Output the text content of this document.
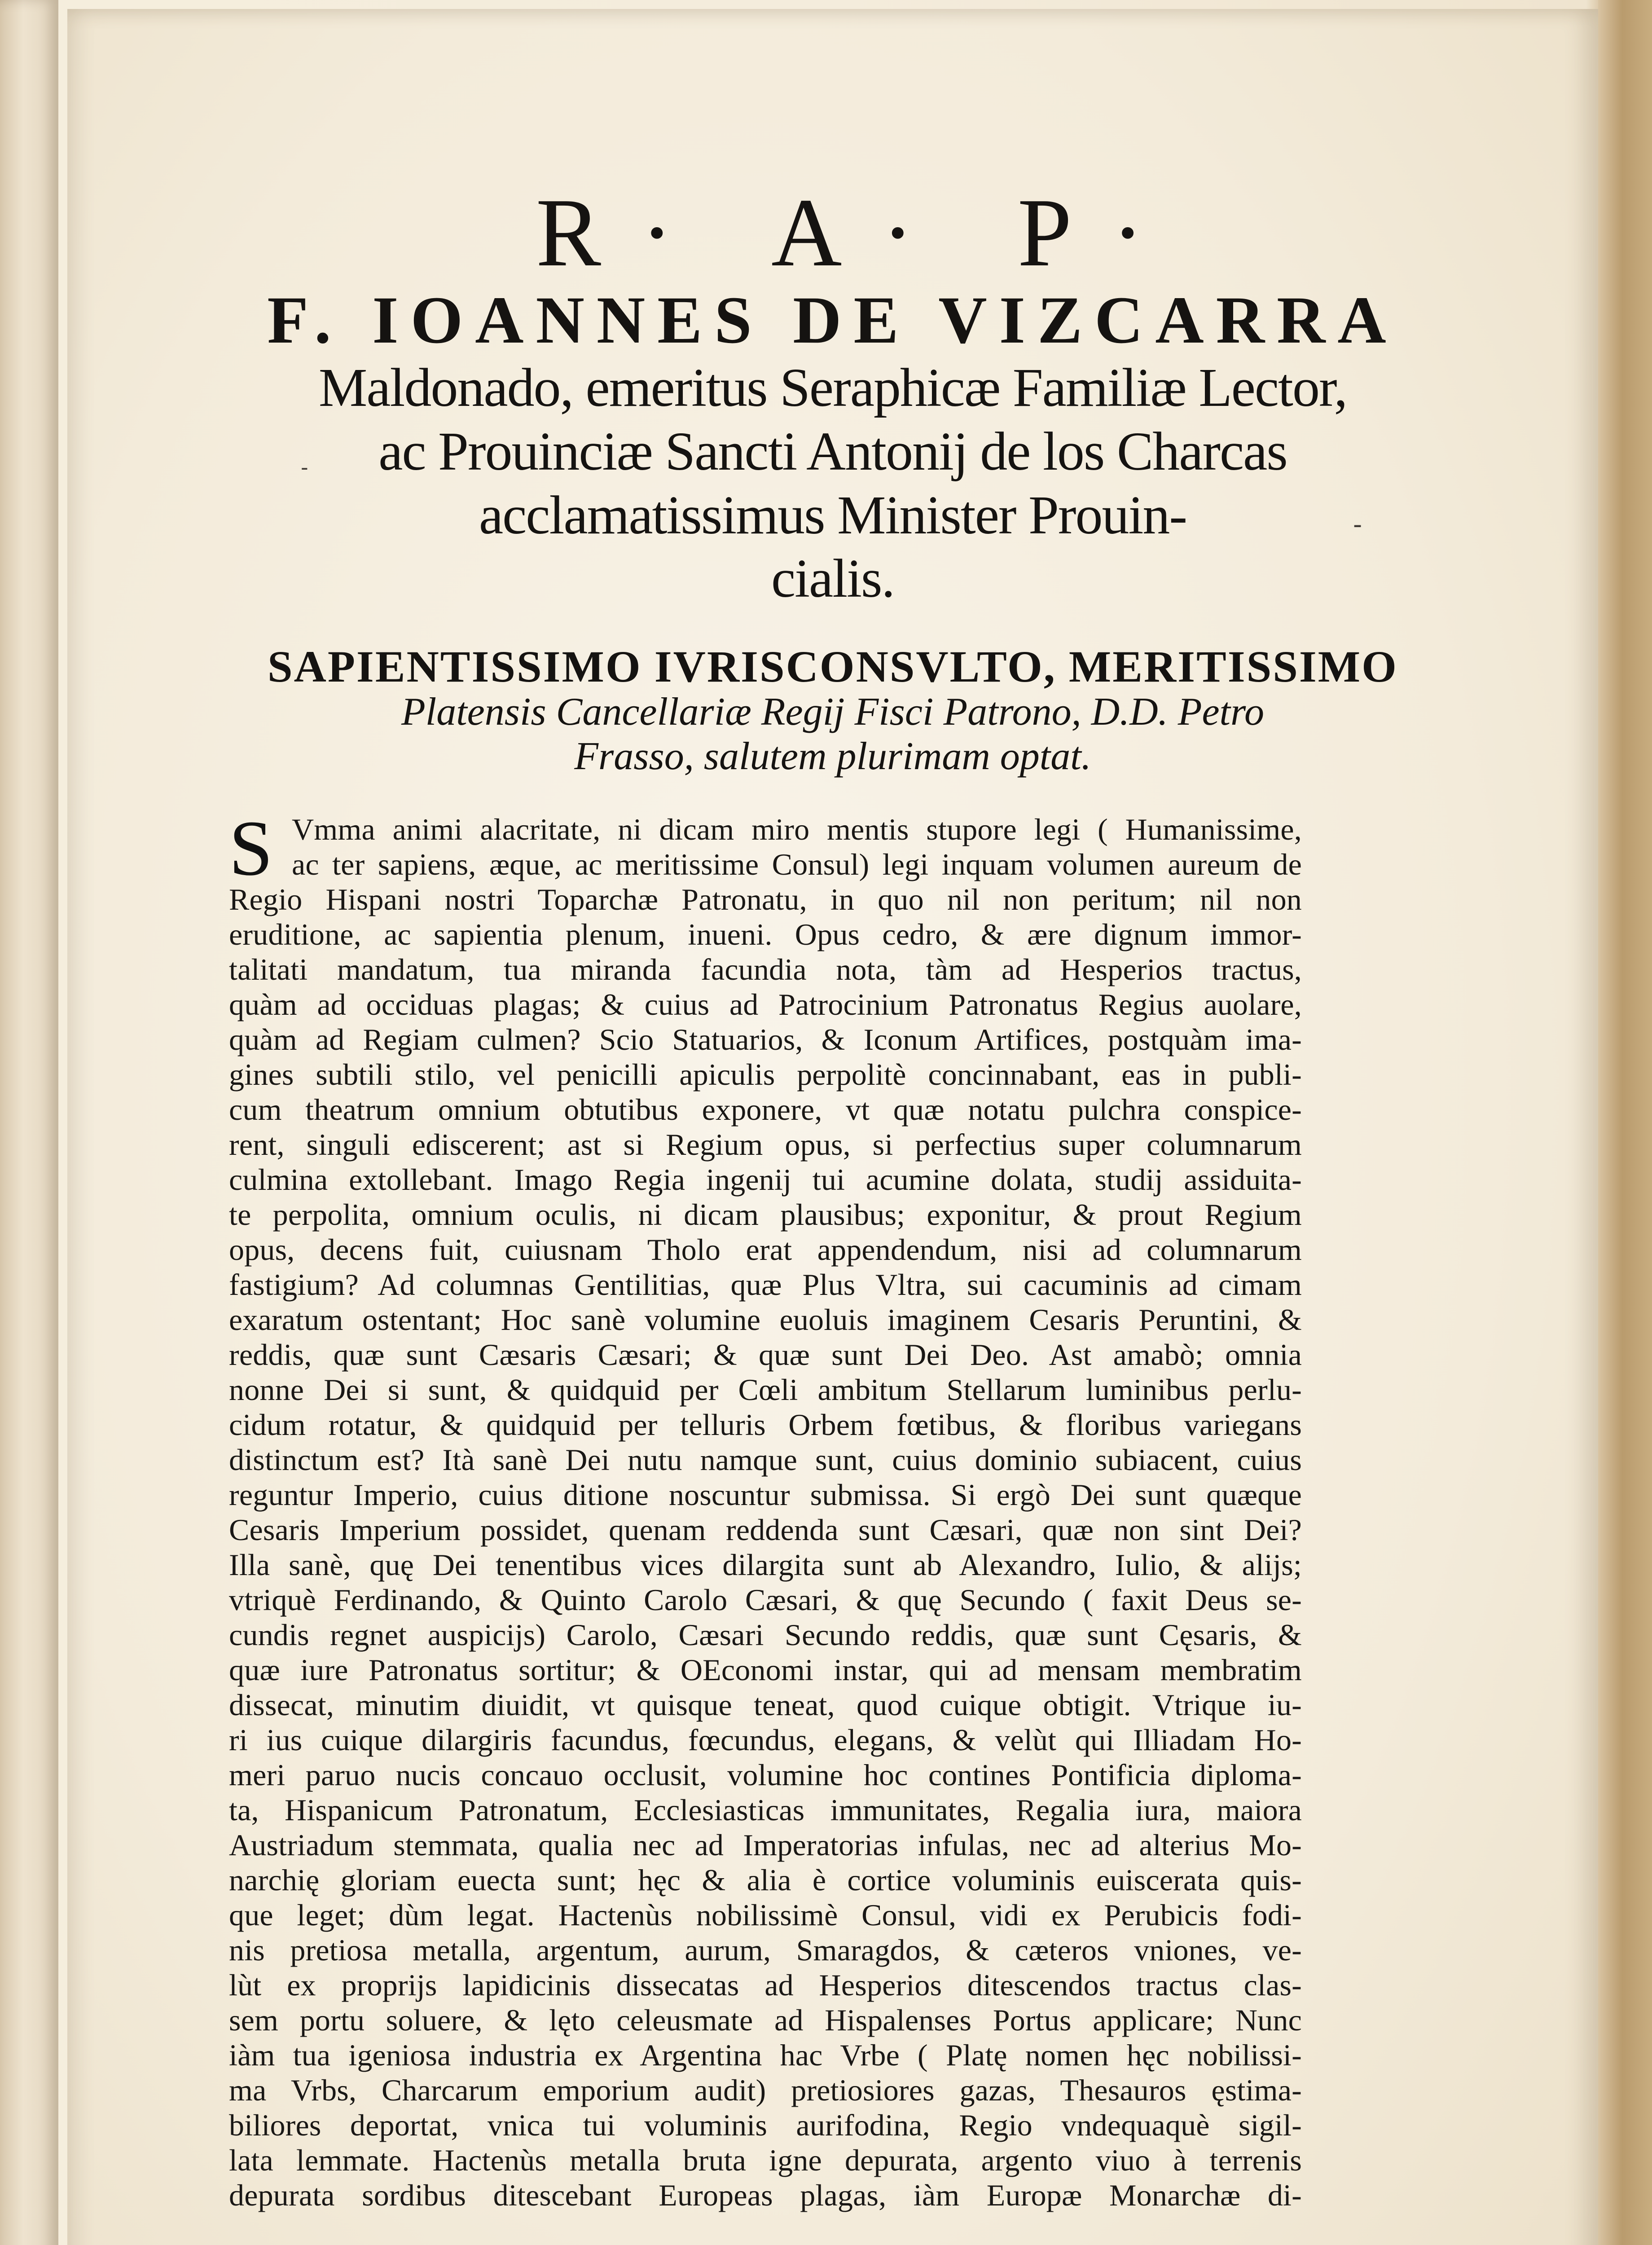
R· A· P·
F. IOANNES DE VIZCARRA
Maldonado, emeritus Seraphicæ Familiæ Lector,
ac Prouinciæ Sancti Antonij de los Charcas
acclamatissimus Minister Prouin-
cialis.
-
-
SAPIENTISSIMO IVRISCONSVLTO, MERITISSIMO
Platensis Cancellariæ Regij Fisci Patrono, D.D. Petro
Frasso, salutem plurimam optat.
S Vmma animi alacritate, ni dicam miro mentis stupore legi ( Humanissime,
ac ter sapiens, æque, ac meritissime Consul) legi inquam volumen aureum de
Regio Hispani nostri Toparchæ Patronatu, in quo nil non peritum; nil non
eruditione, ac sapientia plenum, inueni. Opus cedro, & ære dignum immor-
talitati mandatum, tua miranda facundia nota, tàm ad Hesperios tractus,
quàm ad occiduas plagas; & cuius ad Patrocinium Patronatus Regius auolare,
quàm ad Regiam culmen? Scio Statuarios, & Iconum Artifices, postquàm ima-
gines subtili stilo, vel penicilli apiculis perpolitè concinnabant, eas in publi-
cum theatrum omnium obtutibus exponere, vt quæ notatu pulchra conspice-
rent, singuli ediscerent; ast si Regium opus, si perfectius super columnarum
culmina extollebant. Imago Regia ingenij tui acumine dolata, studij assiduita-
te perpolita, omnium oculis, ni dicam plausibus; exponitur, & prout Regium
opus, decens fuit, cuiusnam Tholo erat appendendum, nisi ad columnarum
fastigium? Ad columnas Gentilitias, quæ Plus Vltra, sui cacuminis ad cimam
exaratum ostentant; Hoc sanè volumine euoluis imaginem Cesaris Peruntini, &
reddis, quæ sunt Cæsaris Cæsari; & quæ sunt Dei Deo. Ast amabò; omnia
nonne Dei si sunt, & quidquid per Cœli ambitum Stellarum luminibus perlu-
cidum rotatur, & quidquid per telluris Orbem fœtibus, & floribus variegans
distinctum est? Ità sanè Dei nutu namque sunt, cuius dominio subiacent, cuius
reguntur Imperio, cuius ditione noscuntur submissa. Si ergò Dei sunt quæque
Cesaris Imperium possidet, quenam reddenda sunt Cæsari, quæ non sint Dei?
Illa sanè, quę Dei tenentibus vices dilargita sunt ab Alexandro, Iulio, & alijs;
vtriquè Ferdinando, & Quinto Carolo Cæsari, & quę Secundo ( faxit Deus se-
cundis regnet auspicijs) Carolo, Cæsari Secundo reddis, quæ sunt Cęsaris, &
quæ iure Patronatus sortitur; & OEconomi instar, qui ad mensam membratim
dissecat, minutim diuidit, vt quisque teneat, quod cuique obtigit. Vtrique iu-
ri ius cuique dilargiris facundus, fœcundus, elegans, & velùt qui Illiadam Ho-
meri paruo nucis concauo occlusit, volumine hoc contines Pontificia diploma-
ta, Hispanicum Patronatum, Ecclesiasticas immunitates, Regalia iura, maiora
Austriadum stemmata, qualia nec ad Imperatorias infulas, nec ad alterius Mo-
narchię gloriam euecta sunt; hęc & alia è cortice voluminis euiscerata quis-
que leget; dùm legat. Hactenùs nobilissimè Consul, vidi ex Perubicis fodi-
nis pretiosa metalla, argentum, aurum, Smaragdos, & cæteros vniones, ve-
lùt ex proprijs lapidicinis dissecatas ad Hesperios ditescendos tractus clas-
sem portu soluere, & lęto celeusmate ad Hispalenses Portus applicare; Nunc
iàm tua igeniosa industria ex Argentina hac Vrbe ( Platę nomen hęc nobilissi-
ma Vrbs, Charcarum emporium audit) pretiosiores gazas, Thesauros ęstima-
biliores deportat, vnica tui voluminis aurifodina, Regio vndequaquè sigil-
lata lemmate. Hactenùs metalla bruta igne depurata, argento viuo à terrenis
depurata sordibus ditescebant Europeas plagas, iàm Europæ Monarchæ di-
